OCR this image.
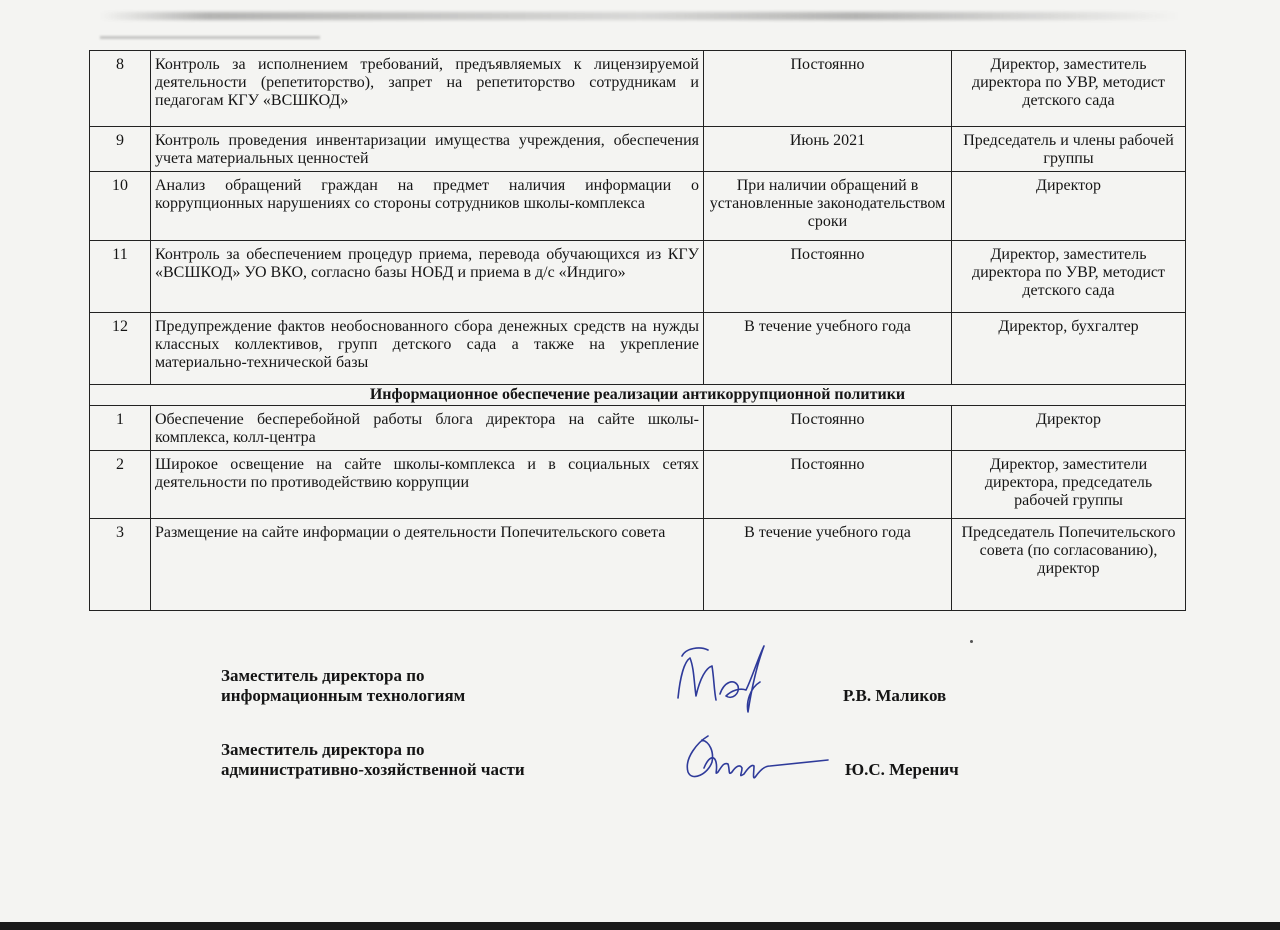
8	Контроль за исполнением требований, предъявляемых к лицензируемой деятельности (репетиторство), запрет на репетиторство сотрудникам и педагогам КГУ «ВСШКОД»	Постоянно	Директор, заместитель директора по УВР, методист детского сада
9	Контроль проведения инвентаризации имущества учреждения, обеспечения учета материальных ценностей	Июнь 2021	Председатель и члены рабочей группы
10	Анализ обращений граждан на предмет наличия информации о коррупционных нарушениях со стороны сотрудников школы-комплекса	При наличии обращений в установленные законодательством сроки	Директор
11	Контроль за обеспечением процедур приема, перевода обучающихся из КГУ «ВСШКОД» УО ВКО, согласно базы НОБД и приема в д/с «Индиго»	Постоянно	Директор, заместитель директора по УВР, методист детского сада
12	Предупреждение фактов необоснованного сбора денежных средств на нужды классных коллективов, групп детского сада а также на укрепление материально-технической базы	В течение учебного года	Директор, бухгалтер
Информационное обеспечение реализации антикоррупционной политики			
1	Обеспечение бесперебойной работы блога директора на сайте школы-комплекса, колл-центра	Постоянно	Директор
2	Широкое освещение на сайте школы-комплекса и в социальных сетях деятельности по противодействию коррупции	Постоянно	Директор, заместители директора, председатель рабочей группы
3	Размещение на сайте информации о деятельности Попечительского совета	В течение учебного года	Председатель Попечительского совета (по согласованию), директор
Заместитель директора по
информационным технологиям	Р.В. Маликов
Заместитель директора по
административно-хозяйственной части	Ю.С. Меренич
